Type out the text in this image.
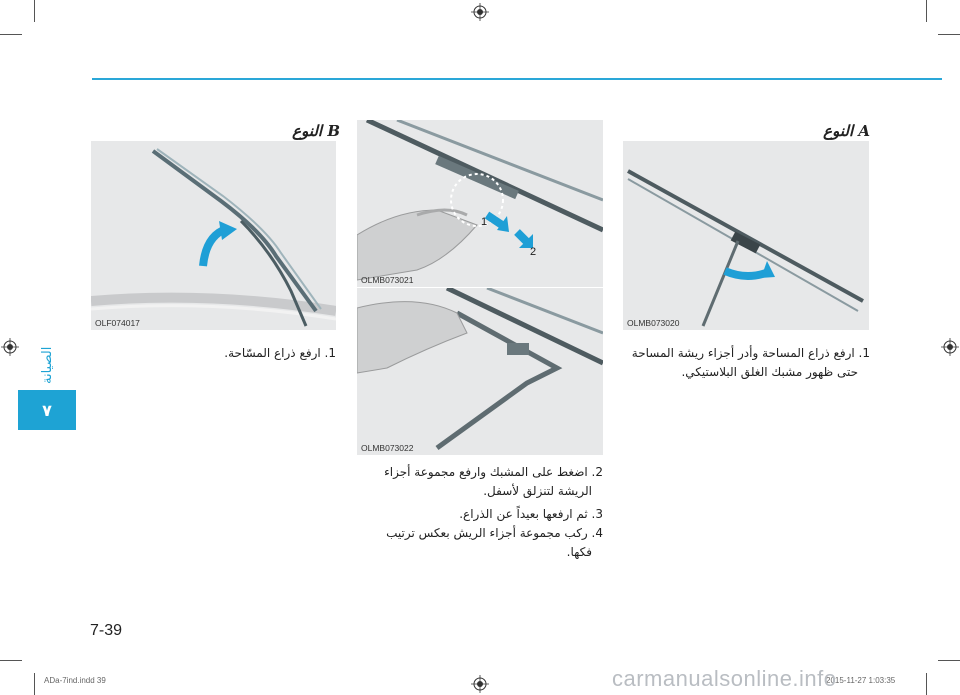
الصيانة
٧
B النوع
OLF074017
1. ارفع ذراع المسّاحة.
1
2
OLMB073021
OLMB073022
2. اضغط على المشبك وارفع مجموعة أجزاء
الريشة لتنزلق لأسفل.
3. ثم ارفعها بعيداً عن الذراع.
4. ركب مجموعة أجزاء الريش بعكس ترتيب
فكها.
A النوع
OLMB073020
1. ارفع ذراع المساحة وأدر أجزاء ريشة المساحة
حتى ظهور مشبك الغلق البلاستيكي.
7-39
ADa-7ind.indd 39	2015-11-27 1:03:35
carmanualsonline.info
